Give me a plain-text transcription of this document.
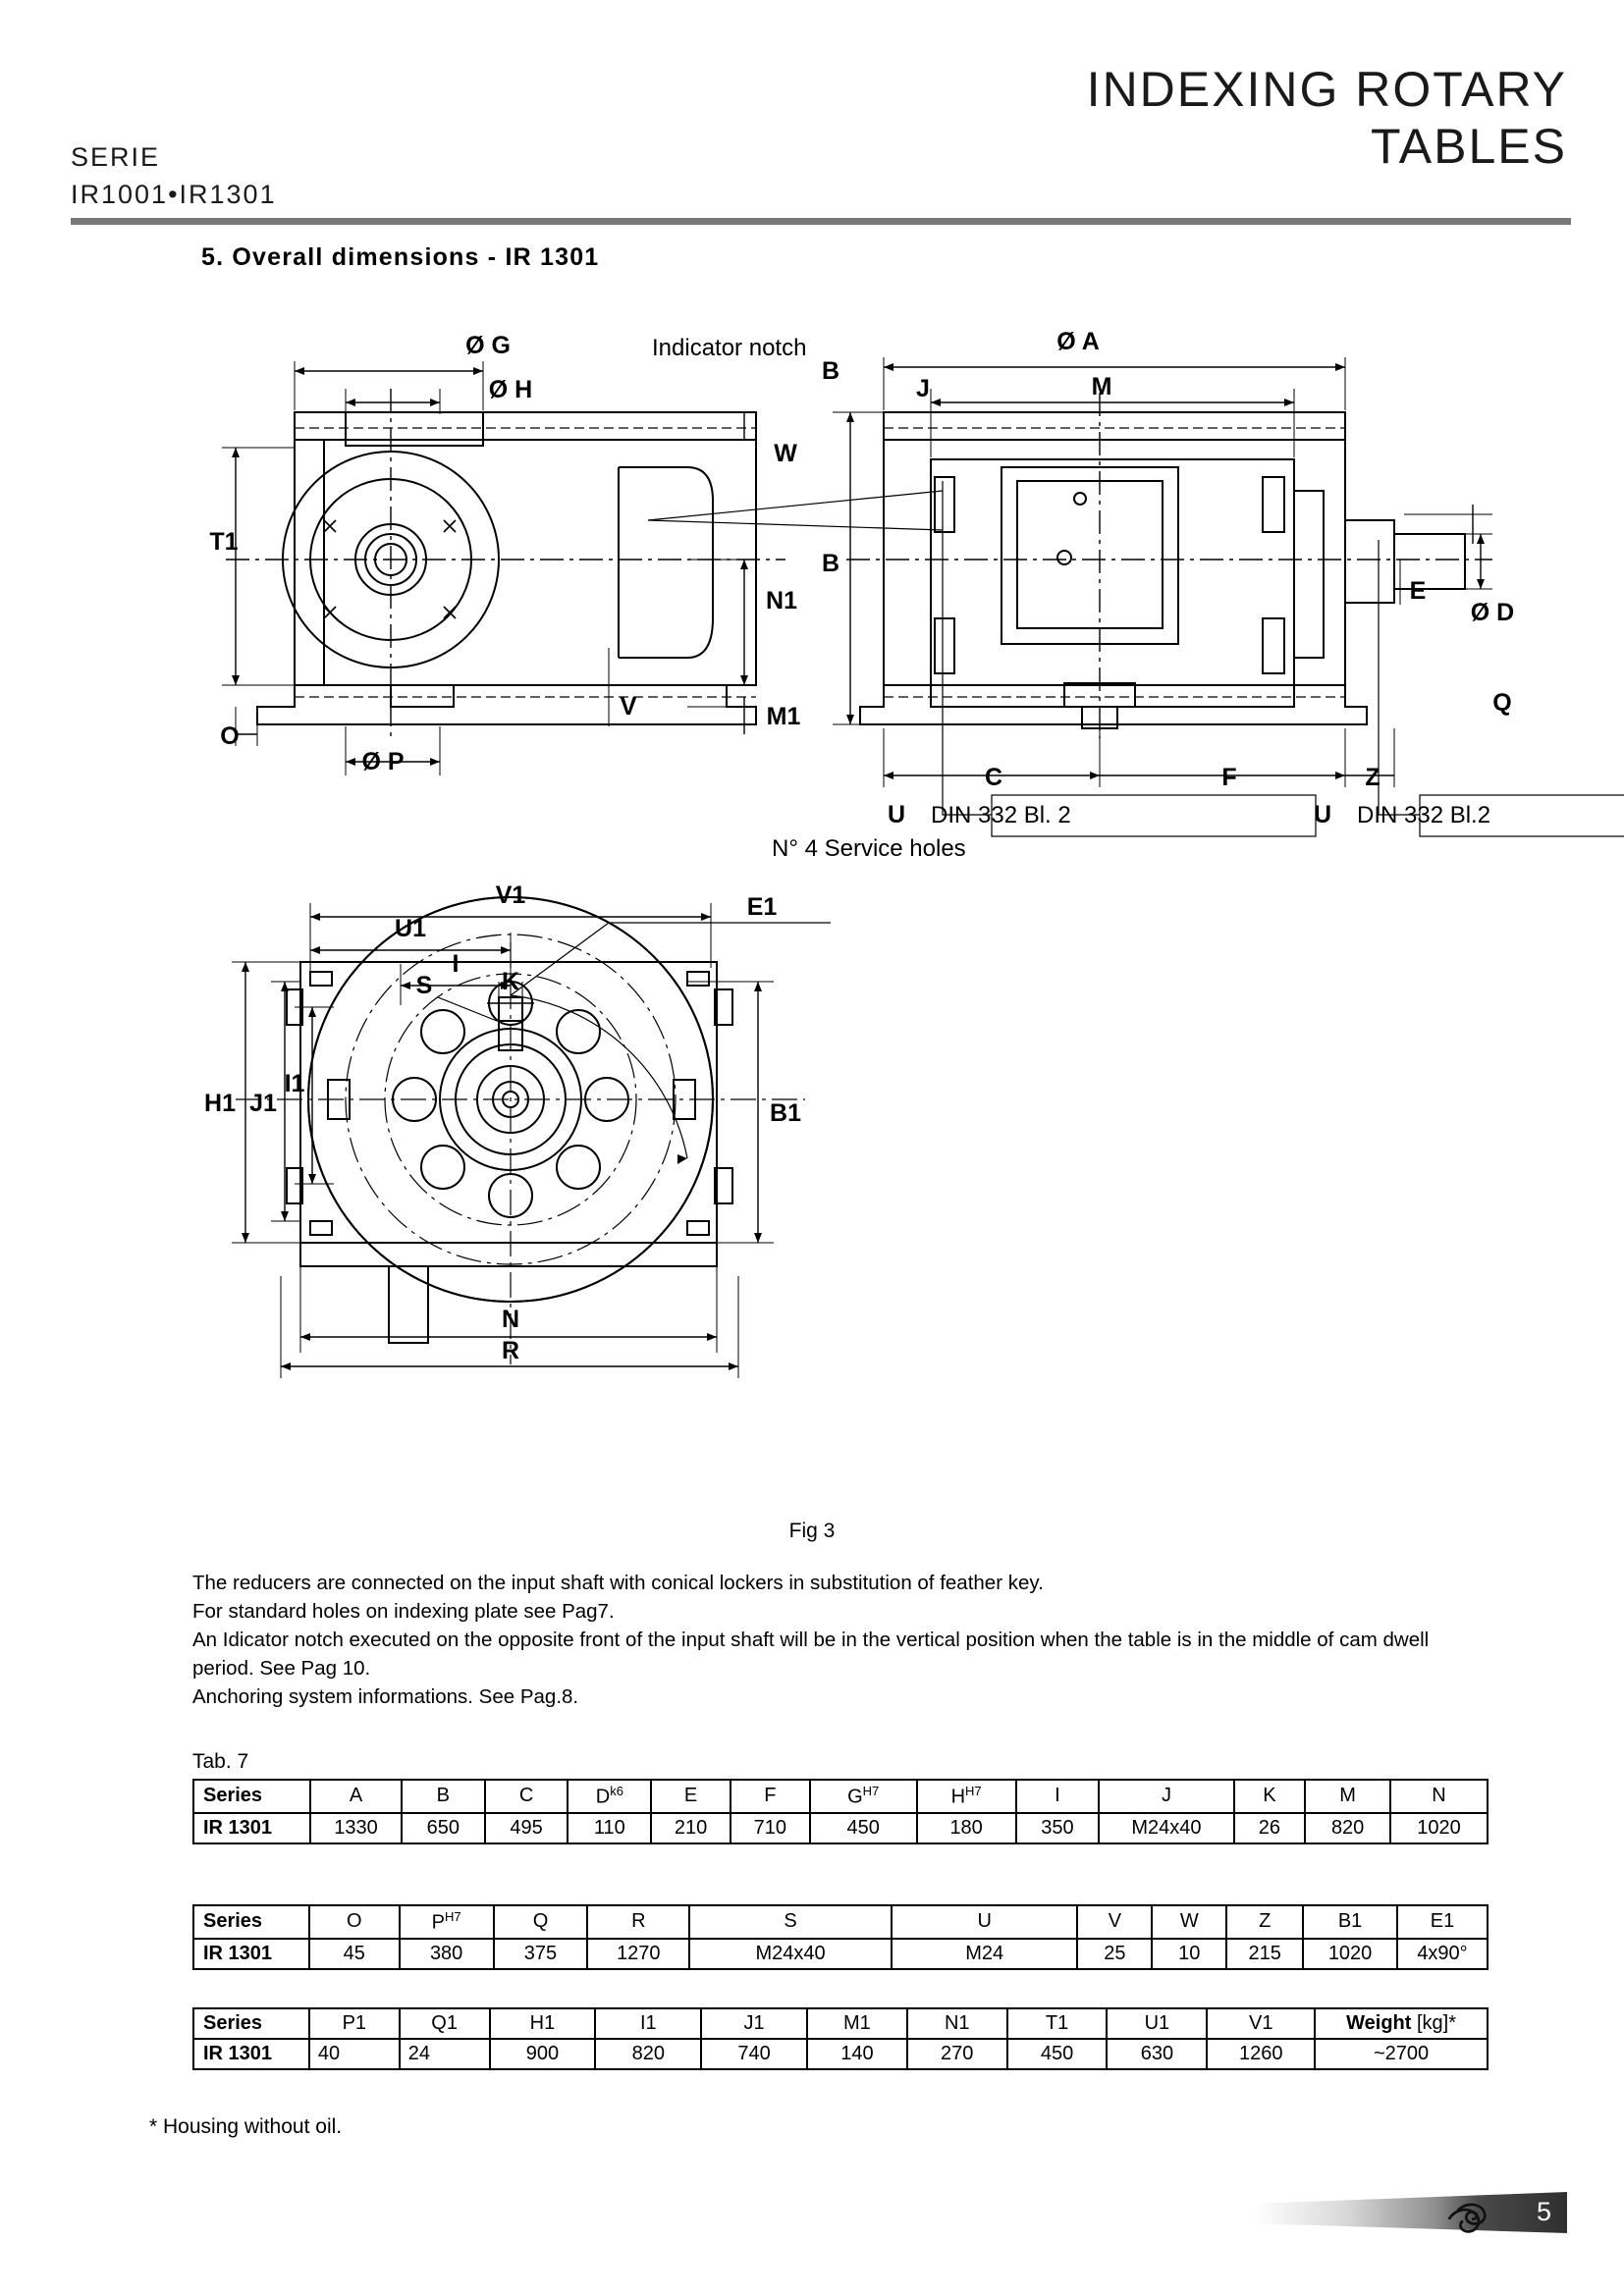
INDEXING ROTARY
TABLES
SERIE
IR1001•IR1301
5. Overall dimensions - IR 1301
Ø G
Ø H
Ø A
M
J
T1
W
N1
M1
V
O
Ø P
B
B
C	F	Z
Ø D
E
Q
V1
U1
I
K
S
E1
B1
H1 J1
I1
N
R
U	U
Indicator notch
N° 4 Service holes
DIN 332 Bl. 2	DIN 332 Bl.2
Fig 3
The reducers are connected on the input shaft with conical lockers in substitution of feather key.
For standard holes on indexing plate see Pag7.
An Idicator notch executed on the opposite front of the input shaft will be in the vertical position when the table is in the middle of cam dwell period. See Pag 10.
Anchoring system informations. See Pag.8.
Tab. 7
Series	A	B	C	$D^{k6}$	E	F	$G^{H7}$	$H^{H7}$	I	J	K	M	N
IR 1301	1330	650	495	110	210	710	450	180	350	M24x40	26	820	1020
Series	O	$P^{H7}$	Q	R	S	U	V	W	Z	B1	E1
IR 1301	45	380	375	1270	M24x40	M24	25	10	215	1020	4x90°
Series	P1	Q1	H1	I1	J1	M1	N1	T1	U1	V1	Weight [kg]*
IR 1301	40	24	900	820	740	140	270	450	630	1260	~2700
* Housing without oil.
5
